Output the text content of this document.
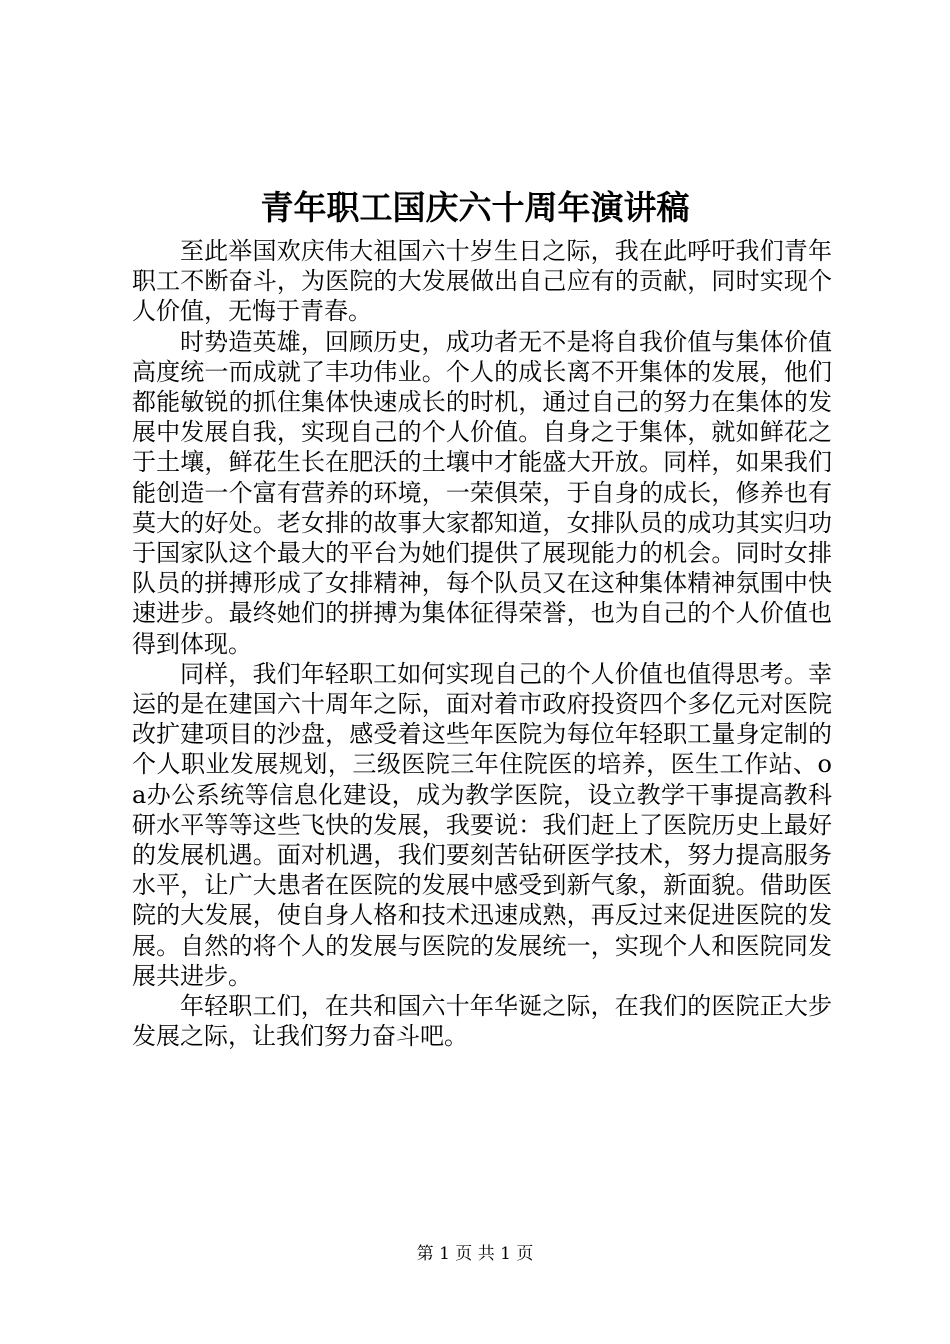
青年职工国庆六十周年演讲稿

至此举国欢庆伟大祖国六十岁生日之际，我在此呼吁我们青年职工不断奋斗，为医院的大发展做出自己应有的贡献，同时实现个人价值，无悔于青春。

时势造英雄，回顾历史，成功者无不是将自我价值与集体价值高度统一而成就了丰功伟业。个人的成长离不开集体的发展，他们都能敏锐的抓住集体快速成长的时机，通过自己的努力在集体的发展中发展自我，实现自己的个人价值。自身之于集体，就如鲜花之于土壤，鲜花生长在肥沃的土壤中才能盛大开放。同样，如果我们能创造一个富有营养的环境，一荣俱荣，于自身的成长，修养也有莫大的好处。老女排的故事大家都知道，女排队员的成功其实归功于国家队这个最大的平台为她们提供了展现能力的机会。同时女排队员的拼搏形成了女排精神，每个队员又在这种集体精神氛围中快速进步。最终她们的拼搏为集体征得荣誉，也为自己的个人价值也得到体现。

同样，我们年轻职工如何实现自己的个人价值也值得思考。幸运的是在建国六十周年之际，面对着市政府投资四个多亿元对医院改扩建项目的沙盘，感受着这些年医院为每位年轻职工量身定制的个人职业发展规划，三级医院三年住院医的培养，医生工作站、oa办公系统等信息化建设，成为教学医院，设立教学干事提高教科研水平等等这些飞快的发展，我要说：我们赶上了医院历史上最好的发展机遇。面对机遇，我们要刻苦钻研医学技术，努力提高服务水平，让广大患者在医院的发展中感受到新气象，新面貌。借助医院的大发展，使自身人格和技术迅速成熟，再反过来促进医院的发展。自然的将个人的发展与医院的发展统一，实现个人和医院同发展共进步。

年轻职工们，在共和国六十年华诞之际，在我们的医院正大步发展之际，让我们努力奋斗吧。

第 1 页 共 1 页
